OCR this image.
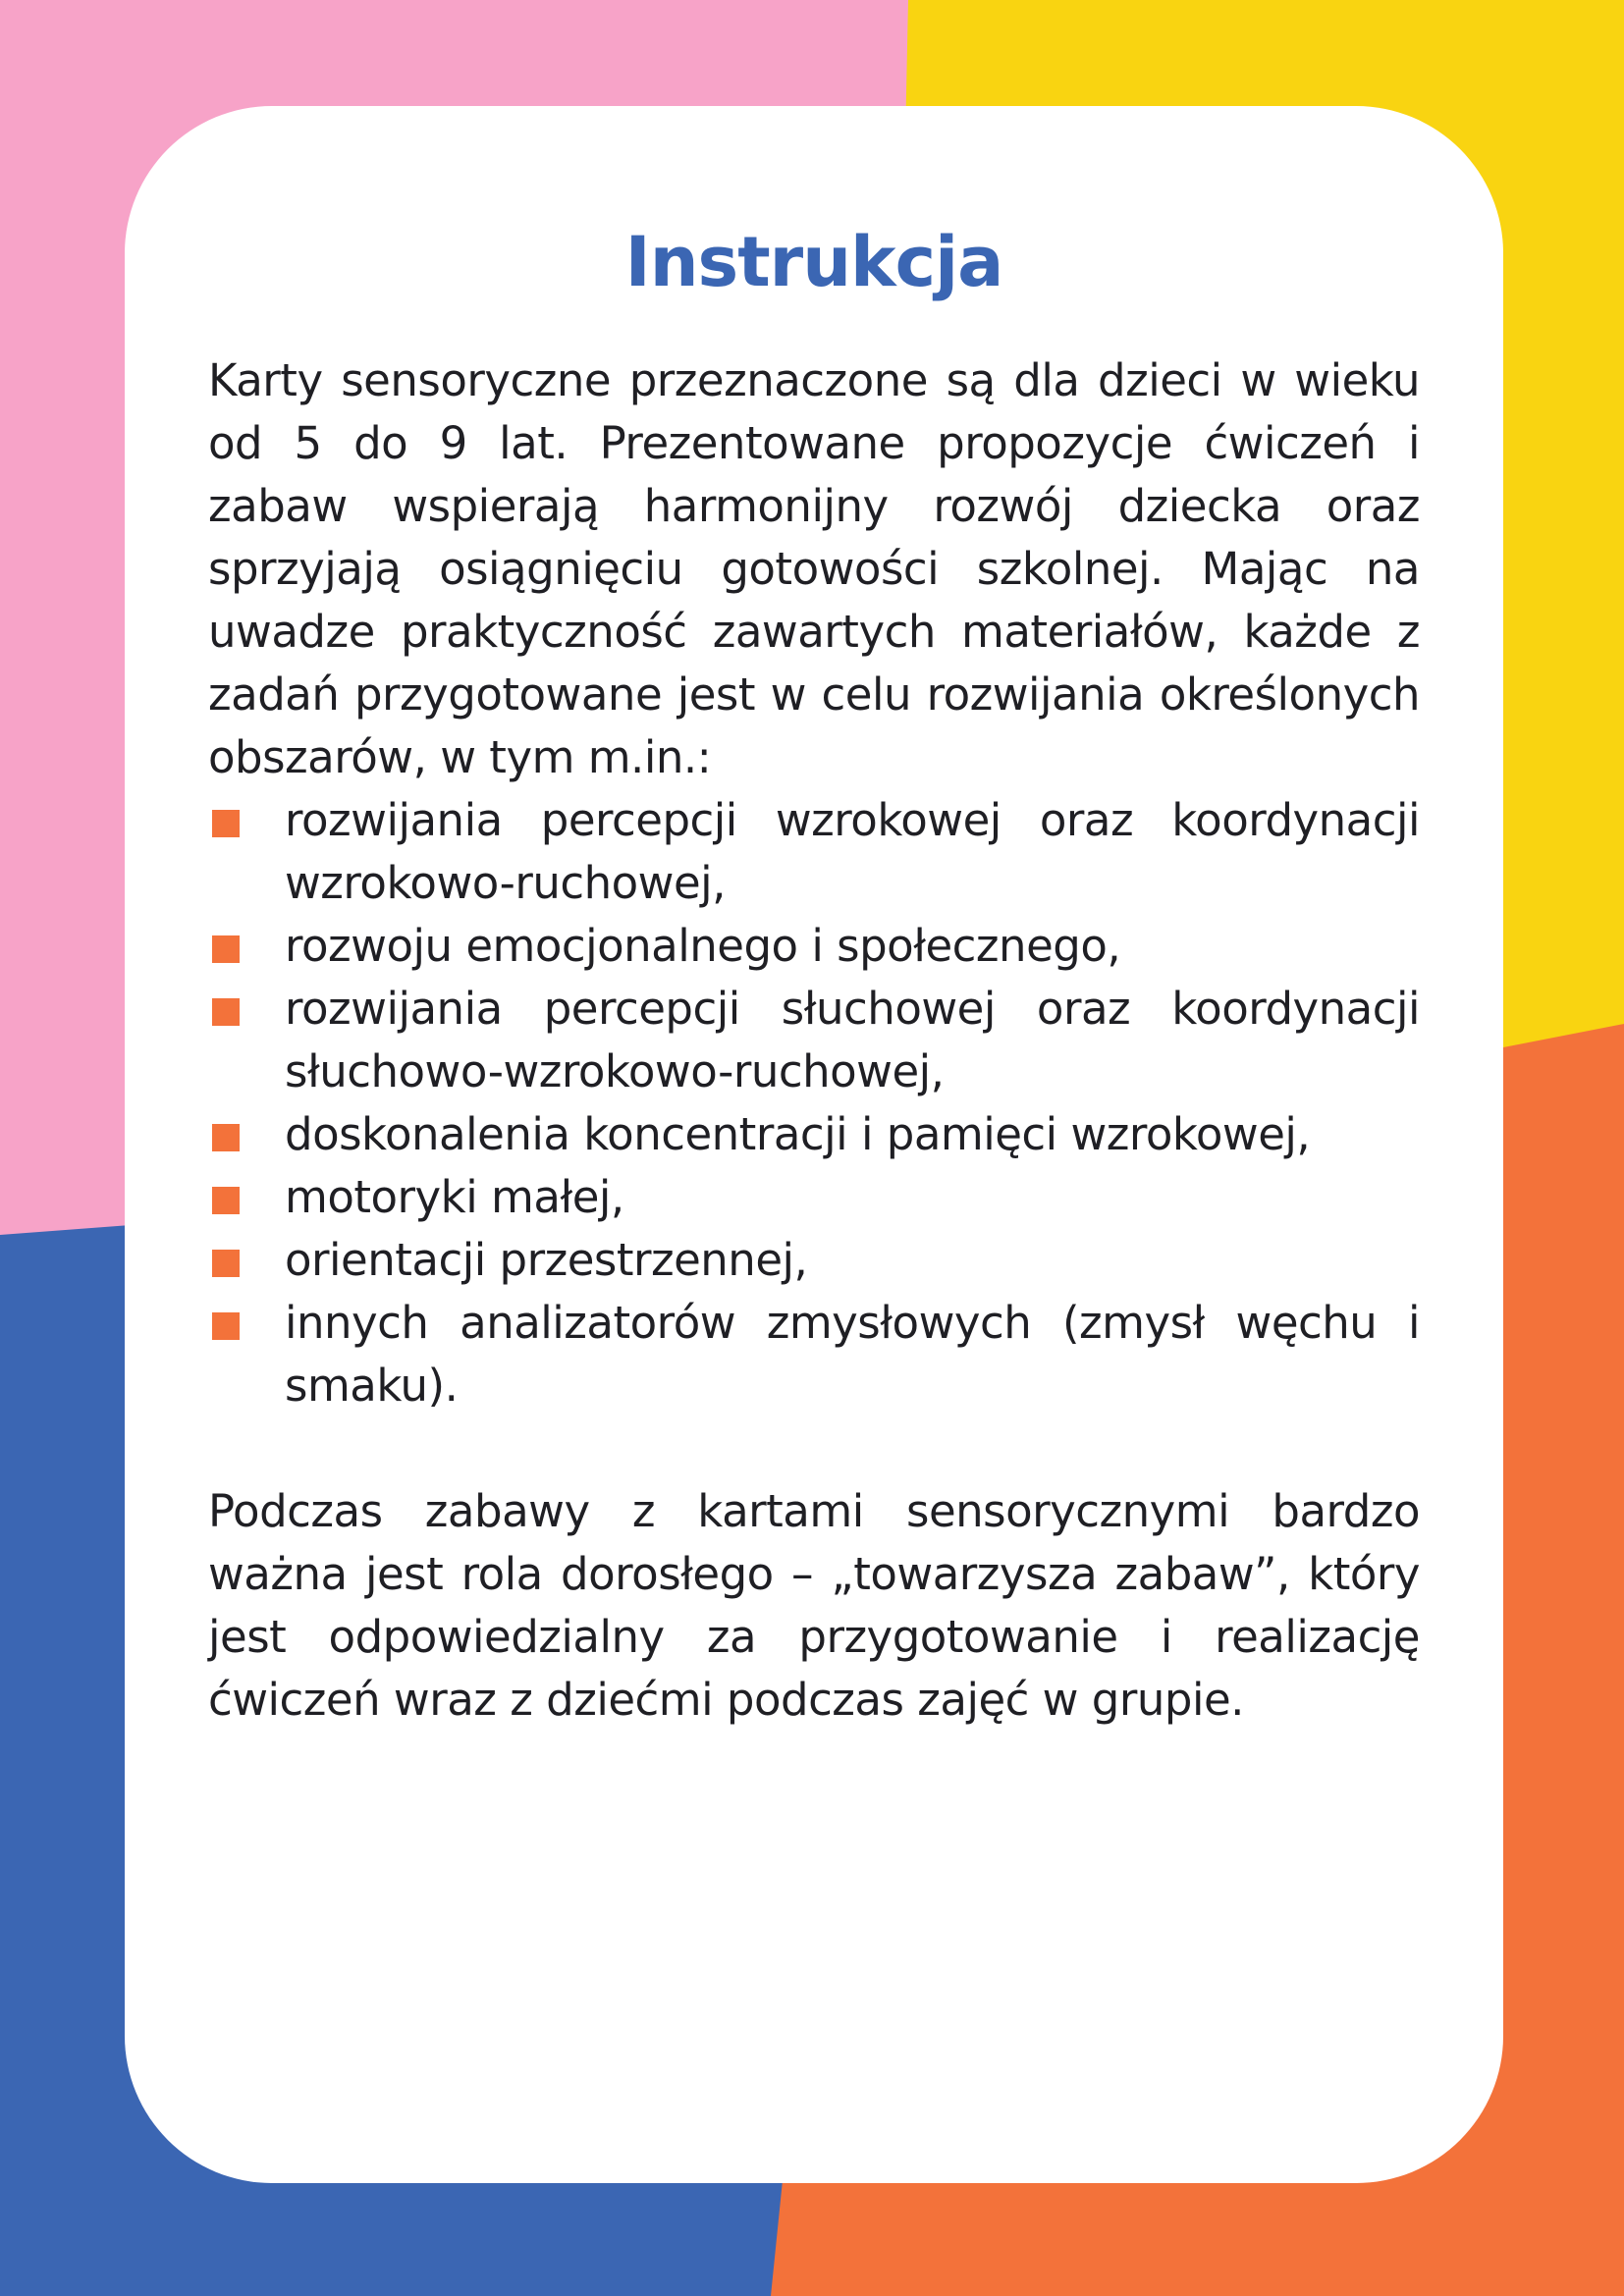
Instrukcja

Karty sensoryczne przeznaczone są dla dzieci w wieku od 5 do 9 lat. Prezentowane propozycje ćwiczeń i zabaw wspierają harmonijny rozwój dziecka oraz sprzyjają osiągnięciu gotowości szkolnej. Mając na uwadze praktyczność zawartych materiałów, każde z zadań przygotowane jest w celu rozwijania określonych obszarów, w tym m.in.:

rozwijania percepcji wzrokowej oraz koordynacji wzrokowo-ruchowej,
rozwoju emocjonalnego i społecznego,
rozwijania percepcji słuchowej oraz koordynacji słuchowo-wzrokowo-ruchowej,
doskonalenia koncentracji i pamięci wzrokowej,
motoryki małej,
orientacji przestrzennej,
innych analizatorów zmysłowych (zmysł węchu i smaku).

Podczas zabawy z kartami sensorycznymi bardzo ważna jest rola dorosłego – „towarzysza zabaw”, który jest odpowiedzialny za przygotowanie i realizację ćwiczeń wraz z dziećmi podczas zajęć w grupie.
